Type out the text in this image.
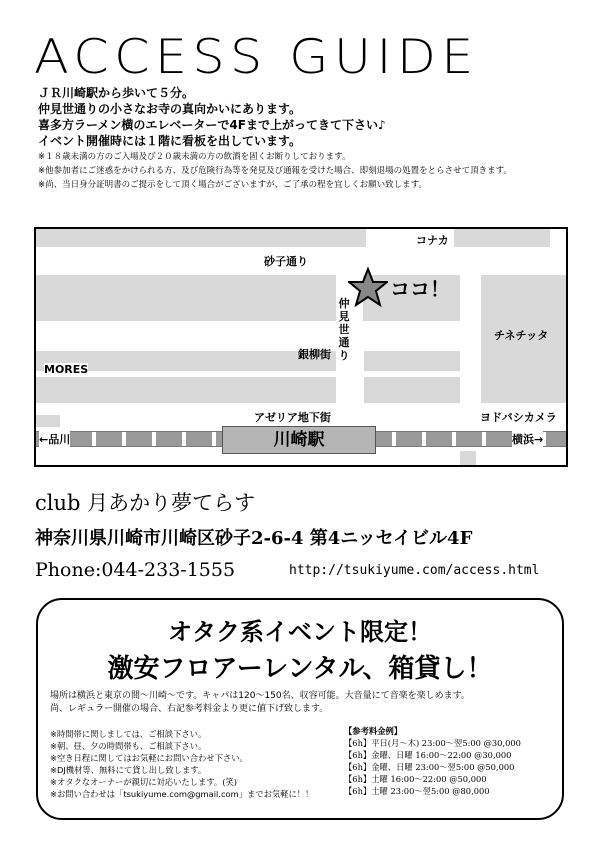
ACCESS GUIDE
ＪＲ川崎駅から歩いて５分。
仲見世通りの小さなお寺の真向かいにあります。
喜多方ラーメン横のエレベーターで4Fまで上がってきて下さい♪
イベント開催時には１階に看板を出しています。
※１８歳未満の方のご入場及び２０歳未満の方の飲酒を固くお断りしております。
※他参加者にご迷惑をかけられる方、及び危険行為等を発見及び通報を受けた場合、即刻退場の処置をとらさせて頂きます。
※尚、当日身分証明書のご提示をして頂く場合がございますが、ご了承の程を宜しくお願い致します。
川崎駅
コナカ
砂子通り
ココ！
仲見世通り
銀柳街
チネチッタ
MORES
アゼリア地下街	ヨドバシカメラ
←品川	横浜→
club 月あかり夢てらす
神奈川県川崎市川崎区砂子2-6-4 第4ニッセイビル4F
Phone:044-233-1555	http://tsukiyume.com/access.html
オタク系イベント限定！
激安フロアーレンタル、箱貸し！
場所は横浜と東京の間～川崎～です。キャパは120～150名、収容可能。大音量にて音楽を楽しめます。
尚、レギュラー開催の場合、右記参考料金より更に値下げ致します。
※時間帯に関しましては、ご相談下さい。
※朝、昼、夕の時間帯も、ご相談下さい。
※空き日程に関してはお気軽にお問い合わせ下さい。
※DJ機材等、無料にて貸し出し致します。
※オタクなオーナーが親切に対応いたします。(笑)
※お問い合わせは「tsukiyume.com@gmail.com」までお気軽に！！
【参考料金例】
【6h】平日(月～木) 23:00～翌5:00 @30,000
【6h】金曜、日曜 16:00～22:00 @30,000
【6h】金曜、日曜 23:00～翌5:00 @50,000
【6h】土曜 16:00～22:00 @50,000
【6h】土曜 23:00～翌5:00 @80,000
